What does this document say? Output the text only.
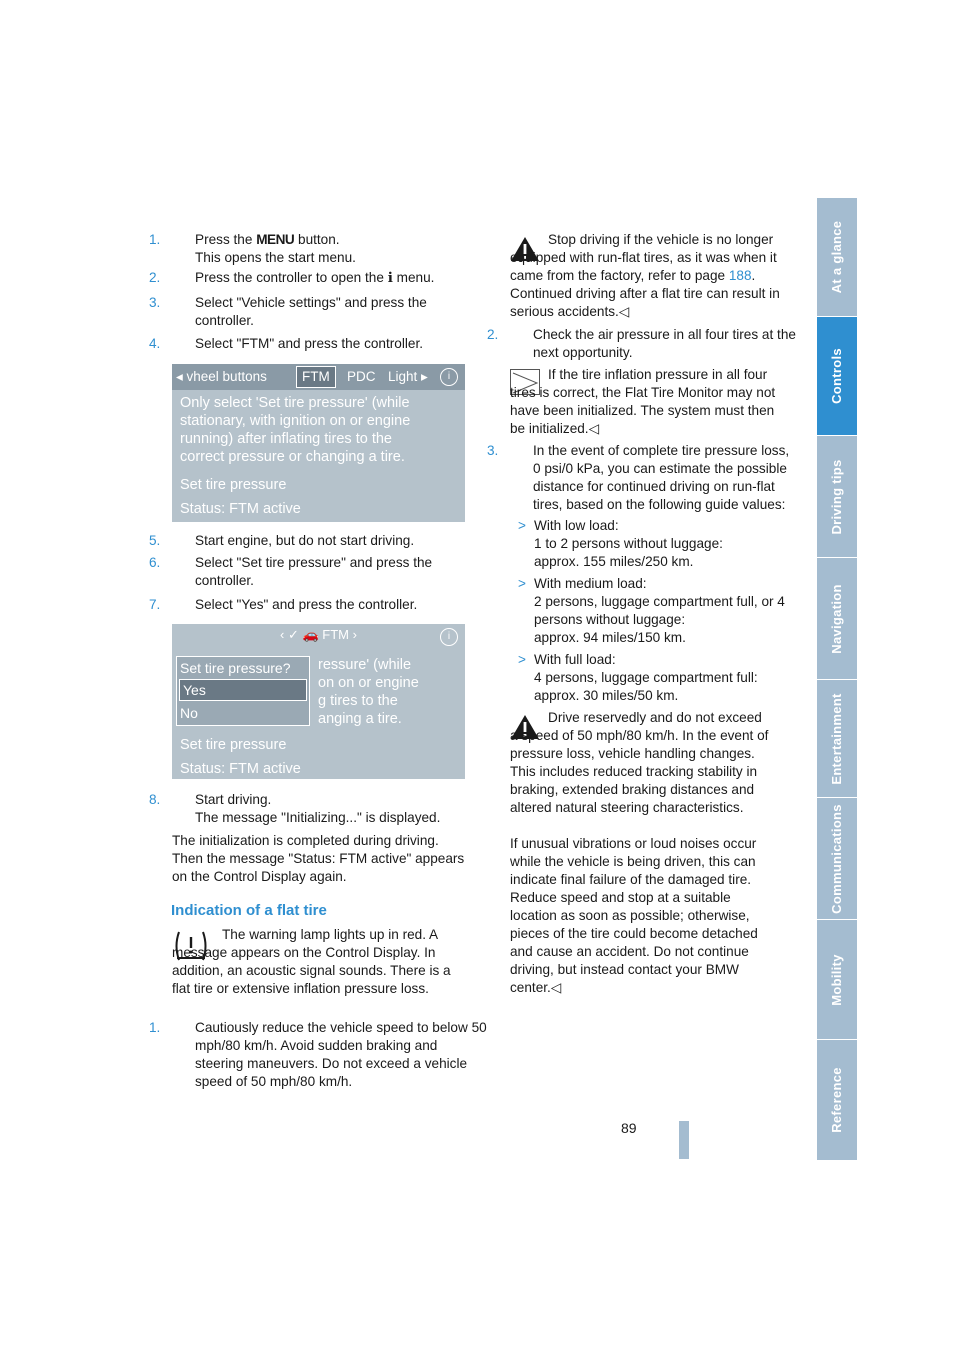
1.	Press the MENU button.
This opens the start menu.
2.	Press the controller to open the ℹ menu.
3.	Select "Vehicle settings" and press the controller.
4.	Select "FTM" and press the controller.
◂ vheel buttons	FTM	PDC Light ▸	i
Only select 'Set tire pressure' (while
stationary, with ignition on or engine
running) after inflating tires to the
correct pressure or changing a tire.
Set tire pressure
Status: FTM active
5.	Start engine, but do not start driving.
6.	Select "Set tire pressure" and press the controller.
7.	Select "Yes" and press the controller.
‹ ✓ 🚗 FTM ›	i
ressure' (while
on on or engine
g tires to the
anging a tire.
Set tire pressure?
Yes
No
Set tire pressure
Status: FTM active
8.	Start driving.
The message "Initializing..." is displayed.
The initialization is completed during driving. Then the message "Status: FTM active" appears on the Control Display again.
Indication of a flat tire
The warning lamp lights up in red. A message appears on the Control Display. In addition, an acoustic signal sounds. There is a flat tire or extensive inflation pressure loss.
1.	Cautiously reduce the vehicle speed to below 50 mph/80 km/h. Avoid sudden braking and steering maneuvers. Do not exceed a vehicle speed of 50 mph/80 km/h.
Stop driving if the vehicle is no longer equipped with run-flat tires, as it was when it came from the factory, refer to page 188. Continued driving after a flat tire can result in serious accidents.◁
2.	Check the air pressure in all four tires at the next opportunity.
If the tire inflation pressure in all four tires is correct, the Flat Tire Monitor may not have been initialized. The system must then be initialized.◁
3.	In the event of complete tire pressure loss, 0 psi/0 kPa, you can estimate the possible distance for continued driving on run-flat tires, based on the following guide values:
> With low load:
1 to 2 persons without luggage:
approx. 155 miles/250 km.
> With medium load:
2 persons, luggage compartment full, or 4 persons without luggage:
approx. 94 miles/150 km.
> With full load:
4 persons, luggage compartment full:
approx. 30 miles/50 km.
Drive reservedly and do not exceed a speed of 50 mph/80 km/h. In the event of pressure loss, vehicle handling changes. This includes reduced tracking stability in braking, extended braking distances and altered natural steering characteristics.
If unusual vibrations or loud noises occur while the vehicle is being driven, this can indicate final failure of the damaged tire. Reduce speed and stop at a suitable location as soon as possible; otherwise, pieces of the tire could become detached and cause an accident. Do not continue driving, but instead contact your BMW center.◁
At a glance
Controls
Driving tips
Navigation
Entertainment
Communications
Mobility
Reference
89
